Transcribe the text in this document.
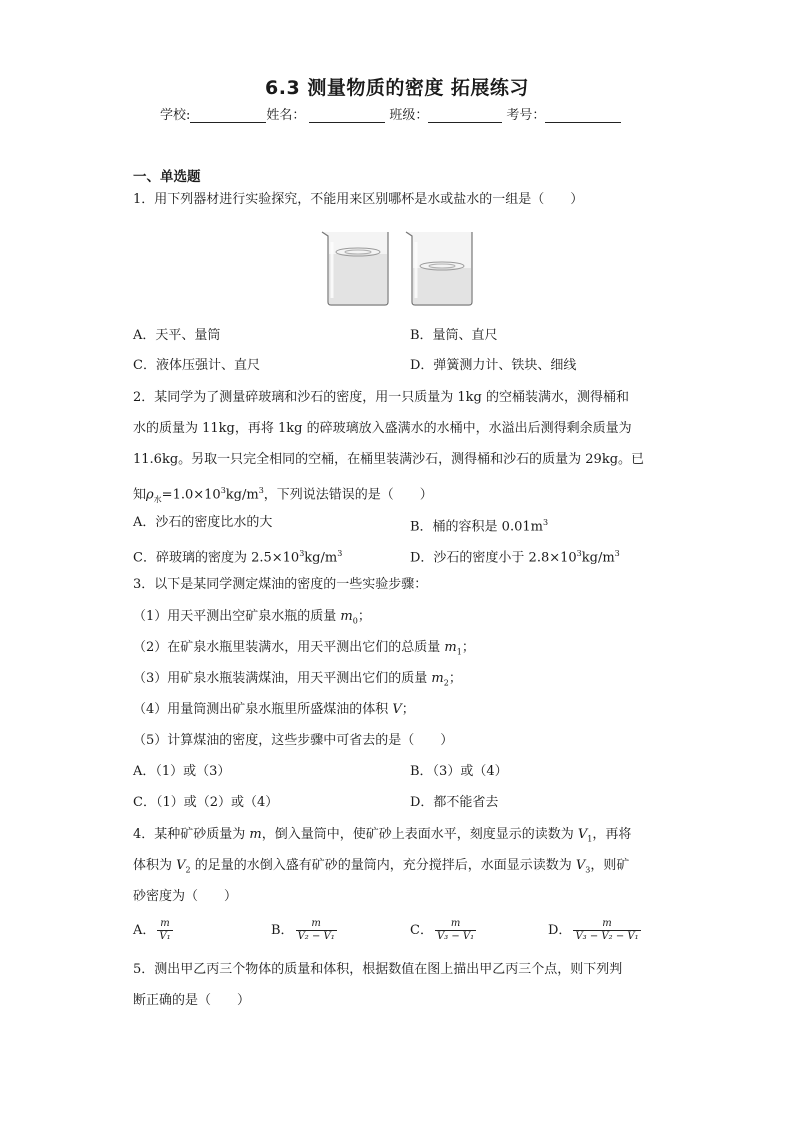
6.3 测量物质的密度 拓展练习
学校:	姓名：	班级：	考号：
一、单选题
1．用下列器材进行实验探究，不能用来区别哪杯是水或盐水的一组是（　　）
A．天平、量筒	B．量筒、直尺
C．液体压强计、直尺	D．弹簧测力计、铁块、细线
2．某同学为了测量碎玻璃和沙石的密度，用一只质量为 1kg 的空桶装满水，测得桶和
水的质量为 11kg，再将 1kg 的碎玻璃放入盛满水的水桶中，水溢出后测得剩余质量为
11.6kg。另取一只完全相同的空桶，在桶里装满沙石，测得桶和沙石的质量为 29kg。已
知$\rho_水=1.0\times 10^3kg/m^3$，下列说法错误的是（　　）
A．沙石的密度比水的大	B．桶的容积是 $0.01m^3$
C．碎玻璃的密度为 $2.5\times 10^3kg/m^3$	D．沙石的密度小于 $2.8\times 10^3kg/m^3$
3．以下是某同学测定煤油的密度的一些实验步骤：
（1）用天平测出空矿泉水瓶的质量 $m_0$；
（2）在矿泉水瓶里装满水，用天平测出它们的总质量 $m_1$；
（3）用矿泉水瓶装满煤油，用天平测出它们的质量 $m_2$；
（4）用量筒测出矿泉水瓶里所盛煤油的体积 V；
（5）计算煤油的密度，这些步骤中可省去的是（　　）
A．（1）或（3）	B．（3）或（4）
C．（1）或（2）或（4）	D．都不能省去
4．某种矿砂质量为 m，倒入量筒中，使矿砂上表面水平，刻度显示的读数为 $V_1$，再将
体积为 $V_2$ 的足量的水倒入盛有矿砂的量筒内，充分搅拌后，水面显示读数为 $V_3$，则矿
砂密度为（　　）
A． $\frac{m}{\text{V₁}}$	B． $\frac{m}{\text{V₂ − V₁}}$	C． $\frac{m}{\text{V₃ − V₁}}$	D． $\frac{m}{\text{V₃ − V₂ − V₁}}$
5．测出甲乙丙三个物体的质量和体积，根据数值在图上描出甲乙丙三个点，则下列判
断正确的是（　　）
